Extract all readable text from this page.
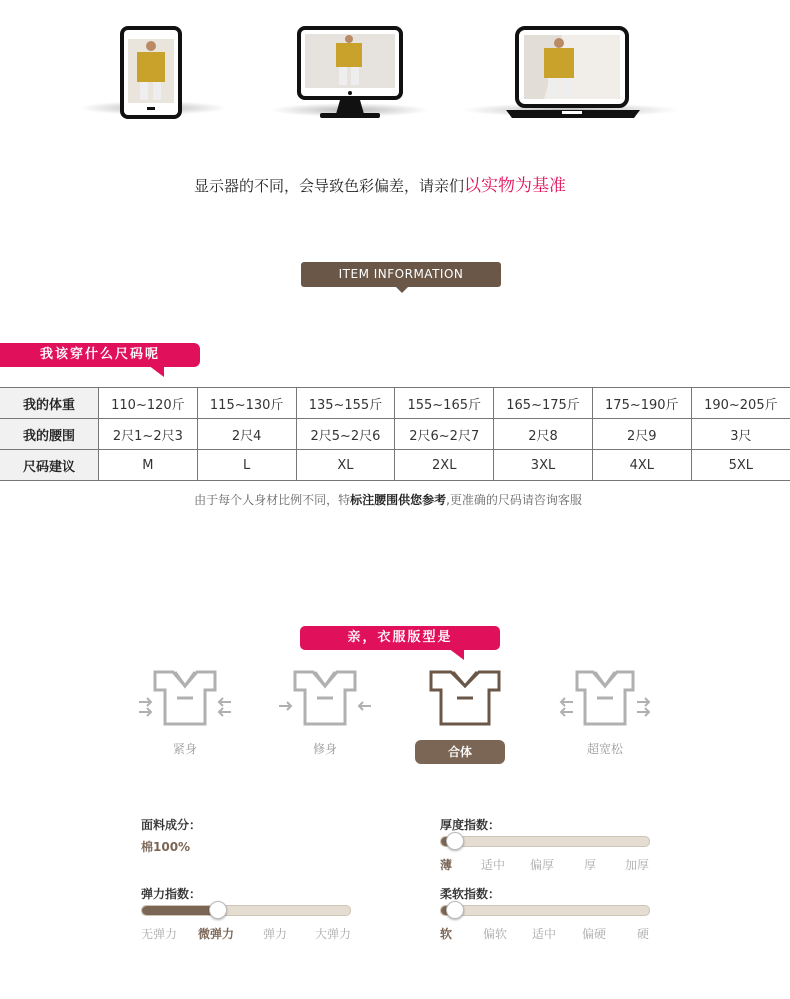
显示器的不同，会导致色彩偏差，请亲们以实物为基准
ITEM INFORMATION
我该穿什么尺码呢
我的体重	110~120斤	115~130斤	135~155斤	155~165斤	165~175斤	175~190斤	190~205斤
我的腰围	2尺1~2尺3	2尺4	2尺5~2尺6	2尺6~2尺7	2尺8	2尺9	3尺
尺码建议	M	L	XL	2XL	3XL	4XL	5XL
由于每个人身材比例不同，特标注腰围供您参考,更准确的尺码请咨询客服
亲，衣服版型是
紧身	修身	合体	超宽松
面料成分：
棉100%
厚度指数：
薄 适中 偏厚 厚 加厚
弹力指数：
无弹力 微弹力 弹力 大弹力
柔软指数：
软	偏软 适中 偏硬	硬
